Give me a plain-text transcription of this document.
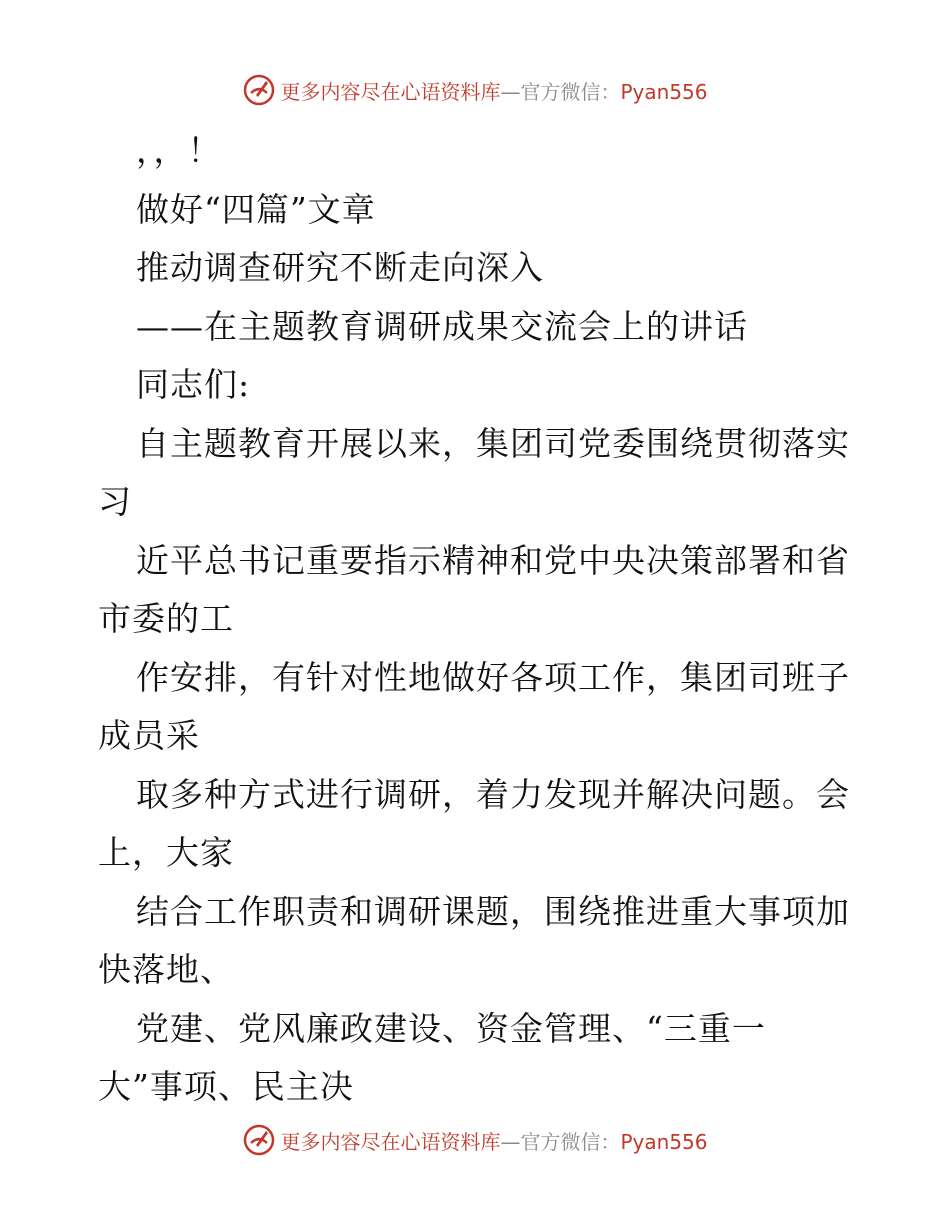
更多内容尽在心语资料库—官方微信：Pyan556
，，！
做好“四篇”文章
推动调查研究不断走向深入
——在主题教育调研成果交流会上的讲话
同志们:
自主题教育开展以来，集团司党委围绕贯彻落实
习
近平总书记重要指示精神和党中央决策部署和省
市委的工
作安排，有针对性地做好各项工作，集团司班子
成员采
取多种方式进行调研，着力发现并解决问题。会
上，大家
结合工作职责和调研课题，围绕推进重大事项加
快落地、
党建、党风廉政建设、资金管理、“三重一
大”事项、民主决
更多内容尽在心语资料库—官方微信：Pyan556
